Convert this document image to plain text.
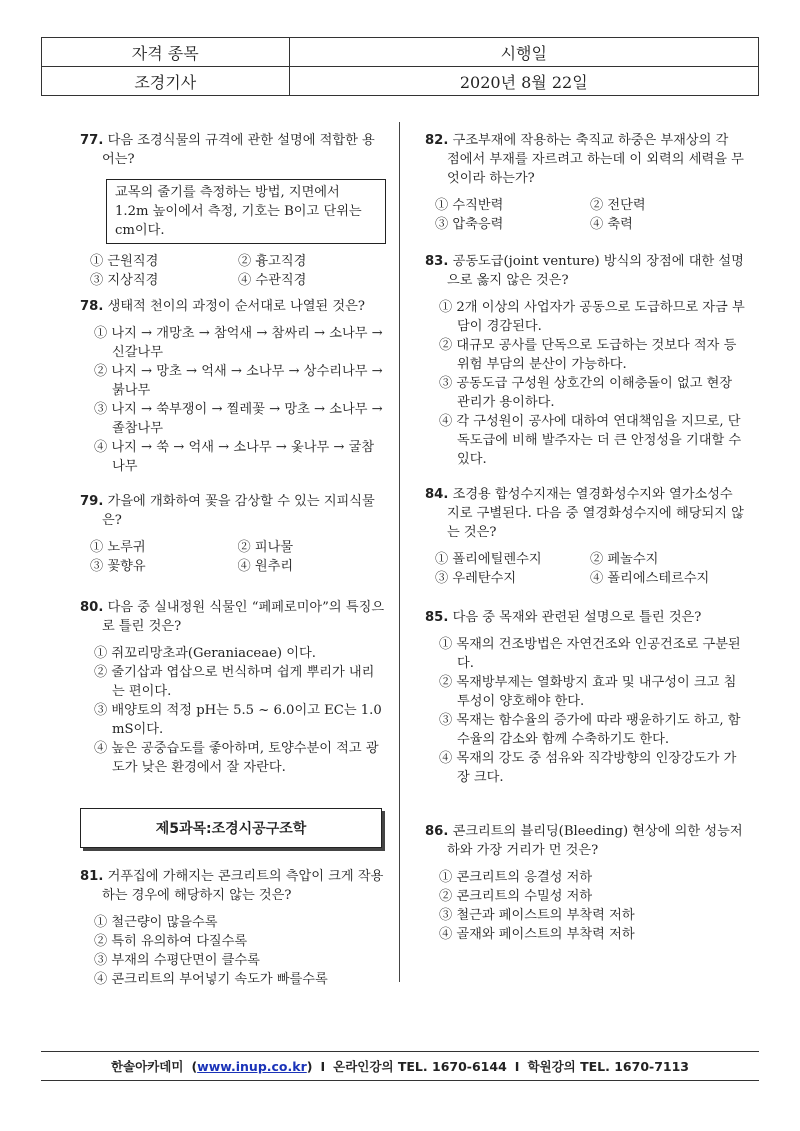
자격 종목	시행일
조경기사	2020년 8월 22일
77. 다음 조경식물의 규격에 관한 설명에 적합한 용어는?
교목의 줄기를 측정하는 방법, 지면에서 1.2m 높이에서 측정, 기호는 B이고 단위는 cm이다.
① 근원직경	② 흉고직경
③ 지상직경	④ 수관직경
78. 생태적 천이의 과정이 순서대로 나열된 것은?
① 나지 → 개망초 → 참억새 → 참싸리 → 소나무 → 신갈나무
② 나지 → 망초 → 억새 → 소나무 → 상수리나무 → 붉나무
③ 나지 → 쑥부쟁이 → 찔레꽃 → 망초 → 소나무 → 졸참나무
④ 나지 → 쑥 → 억새 → 소나무 → 옻나무 → 굴참나무
79. 가을에 개화하여 꽃을 감상할 수 있는 지피식물은?
① 노루귀	② 피나물
③ 꽃향유	④ 원추리
80. 다음 중 실내정원 식물인 “페페로미아”의 특징으로 틀린 것은?
① 쥐꼬리망초과(Geraniaceae) 이다.
② 줄기삽과 엽삽으로 번식하며 쉽게 뿌리가 내리는 편이다.
③ 배양토의 적정 pH는 5.5 ~ 6.0이고 EC는 1.0 mS이다.
④ 높은 공중습도를 좋아하며, 토양수분이 적고 광도가 낮은 환경에서 잘 자란다.
81. 거푸집에 가해지는 콘크리트의 측압이 크게 작용하는 경우에 해당하지 않는 것은?
① 철근량이 많을수록
② 특히 유의하여 다질수록
③ 부재의 수평단면이 클수록
④ 콘크리트의 부어넣기 속도가 빠를수록
제5과목:조경시공구조학
82. 구조부재에 작용하는 축직교 하중은 부재상의 각 점에서 부재를 자르려고 하는데 이 외력의 세력을 무엇이라 하는가?
① 수직반력	② 전단력
③ 압축응력	④ 축력
83. 공동도급(joint venture) 방식의 장점에 대한 설명으로 옳지 않은 것은?
① 2개 이상의 사업자가 공동으로 도급하므로 자금 부담이 경감된다.
② 대규모 공사를 단독으로 도급하는 것보다 적자 등 위험 부담의 분산이 가능하다.
③ 공동도급 구성원 상호간의 이해충돌이 없고 현장 관리가 용이하다.
④ 각 구성원이 공사에 대하여 연대책임을 지므로, 단독도급에 비해 발주자는 더 큰 안정성을 기대할 수 있다.
84. 조경용 합성수지재는 열경화성수지와 열가소성수지로 구별된다. 다음 중 열경화성수지에 해당되지 않는 것은?
① 폴리에틸렌수지	② 페놀수지
③ 우레탄수지	④ 폴리에스테르수지
85. 다음 중 목재와 관련된 설명으로 틀린 것은?
① 목재의 건조방법은 자연건조와 인공건조로 구분된다.
② 목재방부제는 열화방지 효과 및 내구성이 크고 침투성이 양호해야 한다.
③ 목재는 함수율의 증가에 따라 팽윤하기도 하고, 함수율의 감소와 함께 수축하기도 한다.
④ 목재의 강도 중 섬유와 직각방향의 인장강도가 가장 크다.
86. 콘크리트의 블리딩(Bleeding) 현상에 의한 성능저하와 가장 거리가 먼 것은?
① 콘크리트의 응결성 저하
② 콘크리트의 수밀성 저하
③ 철근과 페이스트의 부착력 저하
④ 골재와 페이스트의 부착력 저하
한솔아카데미 (www.inup.co.kr) I 온라인강의 TEL. 1670-6144 I 학원강의 TEL. 1670-7113
